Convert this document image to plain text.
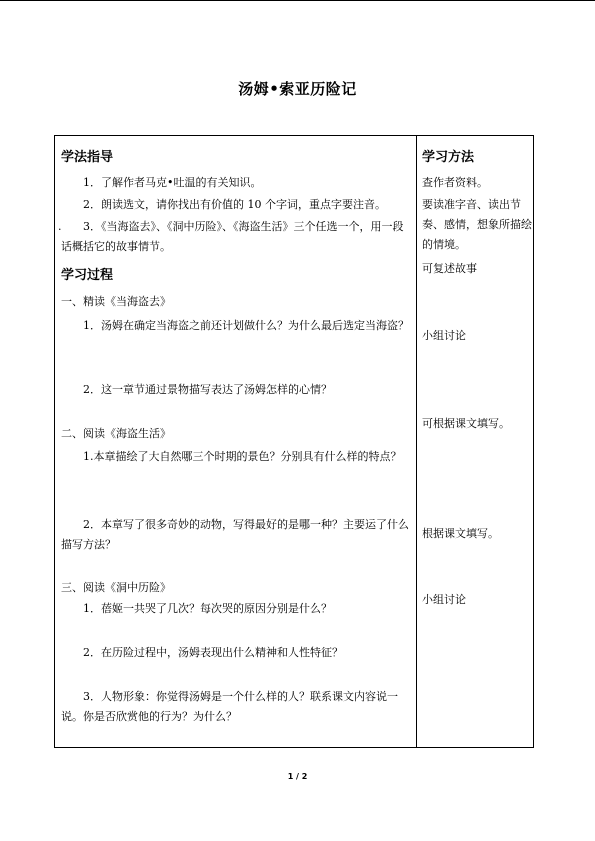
汤姆•索亚历险记
学法指导
1．了解作者马克•吐温的有关知识。
2．朗读选文，请你找出有价值的 10 个字词，重点字要注音。
.	3．《当海盗去》、《洞中历险》、《海盗生活》三个任选一个，用一段话概括它的故事情节。
学习过程
一、精读《当海盗去》
1．汤姆在确定当海盗之前还计划做什么？为什么最后选定当海盗？
2．这一章节通过景物描写表达了汤姆怎样的心情？
二、阅读《海盗生活》
1.本章描绘了大自然哪三个时期的景色？分别具有什么样的特点？
2．本章写了很多奇妙的动物，写得最好的是哪一种？主要运了什么描写方法？
三、阅读《洞中历险》
1．蓓姬一共哭了几次？每次哭的原因分别是什么？
2．在历险过程中，汤姆表现出什么精神和人性特征？
3．人物形象：你觉得汤姆是一个什么样的人？联系课文内容说一说。你是否欣赏他的行为？为什么？
学习方法
查作者资料。
要读准字音、读出节奏、感情，想象所描绘的情境。
可复述故事
小组讨论
可根据课文填写。
根据课文填写。
小组讨论
1 / 2
